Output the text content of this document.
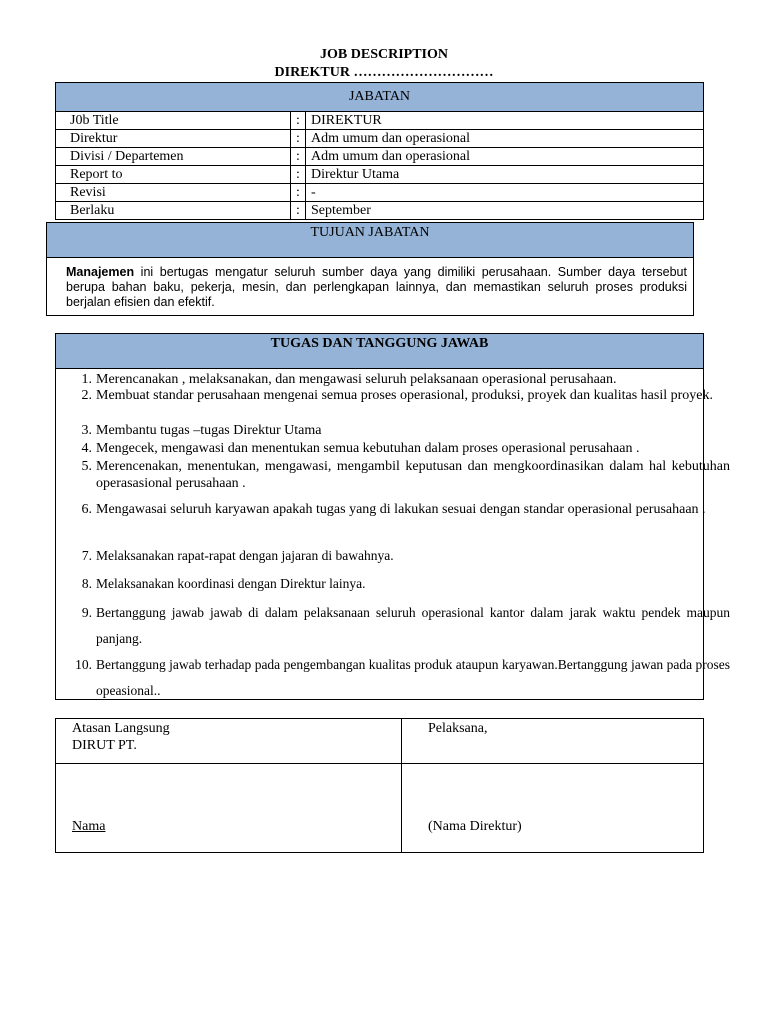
JOB DESCRIPTION
DIREKTUR …………………………
JABATAN
J0b Title	:	DIREKTUR
Direktur	:	Adm umum dan operasional
Divisi / Departemen	:	Adm umum dan operasional
Report to	:	Direktur Utama
Revisi	:	-
Berlaku	:	September
TUJUAN JABATAN
Manajemen ini bertugas mengatur seluruh sumber daya yang dimiliki perusahaan. Sumber daya tersebut berupa bahan baku, pekerja, mesin, dan perlengkapan lainnya, dan memastikan seluruh proses produksi berjalan efisien dan efektif.
TUGAS DAN TANGGUNG JAWAB
1. Merencanakan , melaksanakan, dan mengawasi seluruh pelaksanaan operasional perusahaan.
2. Membuat standar perusahaan mengenai semua proses operasional, produksi, proyek dan kualitas hasil proyek.
3. Membantu tugas –tugas Direktur Utama
4. Mengecek, mengawasi dan menentukan semua kebutuhan dalam proses operasional perusahaan .
5. Merencenakan, menentukan, mengawasi, mengambil keputusan dan mengkoordinasikan dalam hal kebutuhan operasasional perusahaan .
6. Mengawasai seluruh karyawan apakah tugas yang di lakukan sesuai dengan standar operasional perusahaan .
7. Melaksanakan rapat-rapat dengan jajaran di bawahnya.
8. Melaksanakan koordinasi dengan Direktur lainya.
9. Bertanggung jawab jawab di dalam pelaksanaan seluruh operasional kantor dalam jarak waktu pendek maupun panjang.
10. Bertanggung jawab terhadap pada pengembangan kualitas produk ataupun karyawan.Bertanggung jawan pada proses opeasional..
Atasan Langsung
DIRUT PT.	Pelaksana,

Nama	(Nama Direktur)
